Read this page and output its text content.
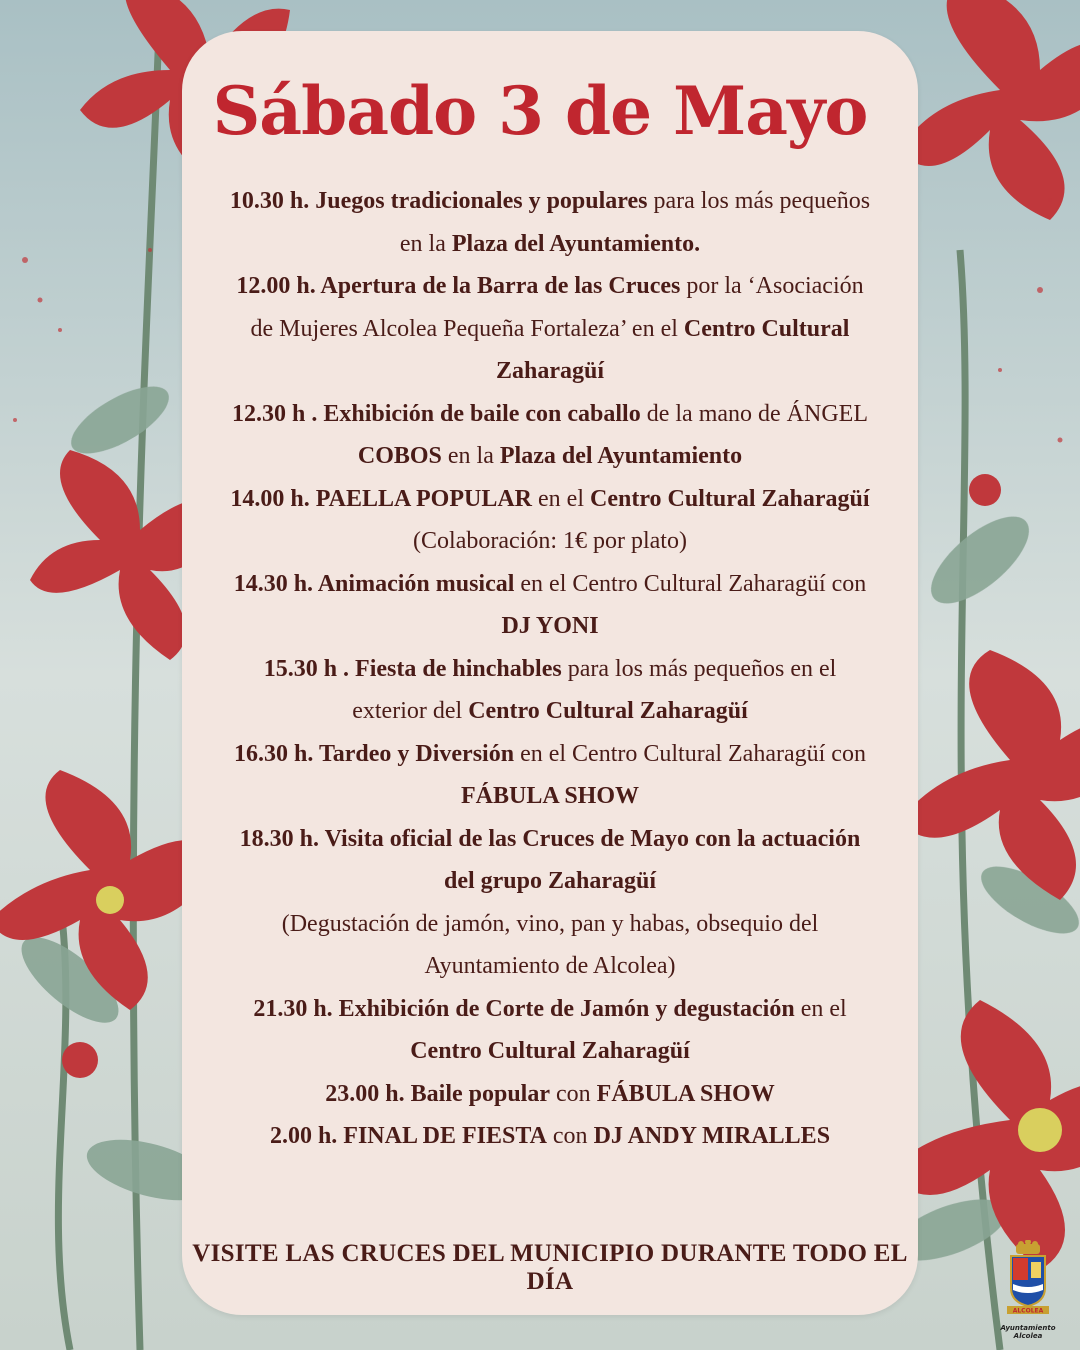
Sábado 3 de Mayo

10.30 h. Juegos tradicionales y populares para los más pequeños en la Plaza del Ayuntamiento.

12.00 h. Apertura de la Barra de las Cruces por la ‘Asociación de Mujeres Alcolea Pequeña Fortaleza’ en el Centro Cultural Zaharagüí

12.30 h . Exhibición de baile con caballo de la mano de ÁNGEL COBOS en la Plaza del Ayuntamiento

14.00 h. PAELLA POPULAR en el Centro Cultural Zaharagüí
(Colaboración: 1€ por plato)

14.30 h. Animación musical en el Centro Cultural Zaharagüí con DJ YONI

15.30 h . Fiesta de hinchables para los más pequeños en el exterior del Centro Cultural Zaharagüí

16.30 h. Tardeo y Diversión en el Centro Cultural Zaharagüí con FÁBULA SHOW

18.30 h. Visita oficial de las Cruces de Mayo con la actuación del grupo Zaharagüí
(Degustación de jamón, vino, pan y habas, obsequio del Ayuntamiento de Alcolea)

21.30 h. Exhibición de Corte de Jamón y degustación en el Centro Cultural Zaharagüí

23.00 h. Baile popular con FÁBULA SHOW

2.00 h. FINAL DE FIESTA con DJ ANDY MIRALLES

VISITE LAS CRUCES DEL MUNICIPIO DURANTE TODO EL DÍA
ALCOLEA
Ayuntamiento
Alcolea
